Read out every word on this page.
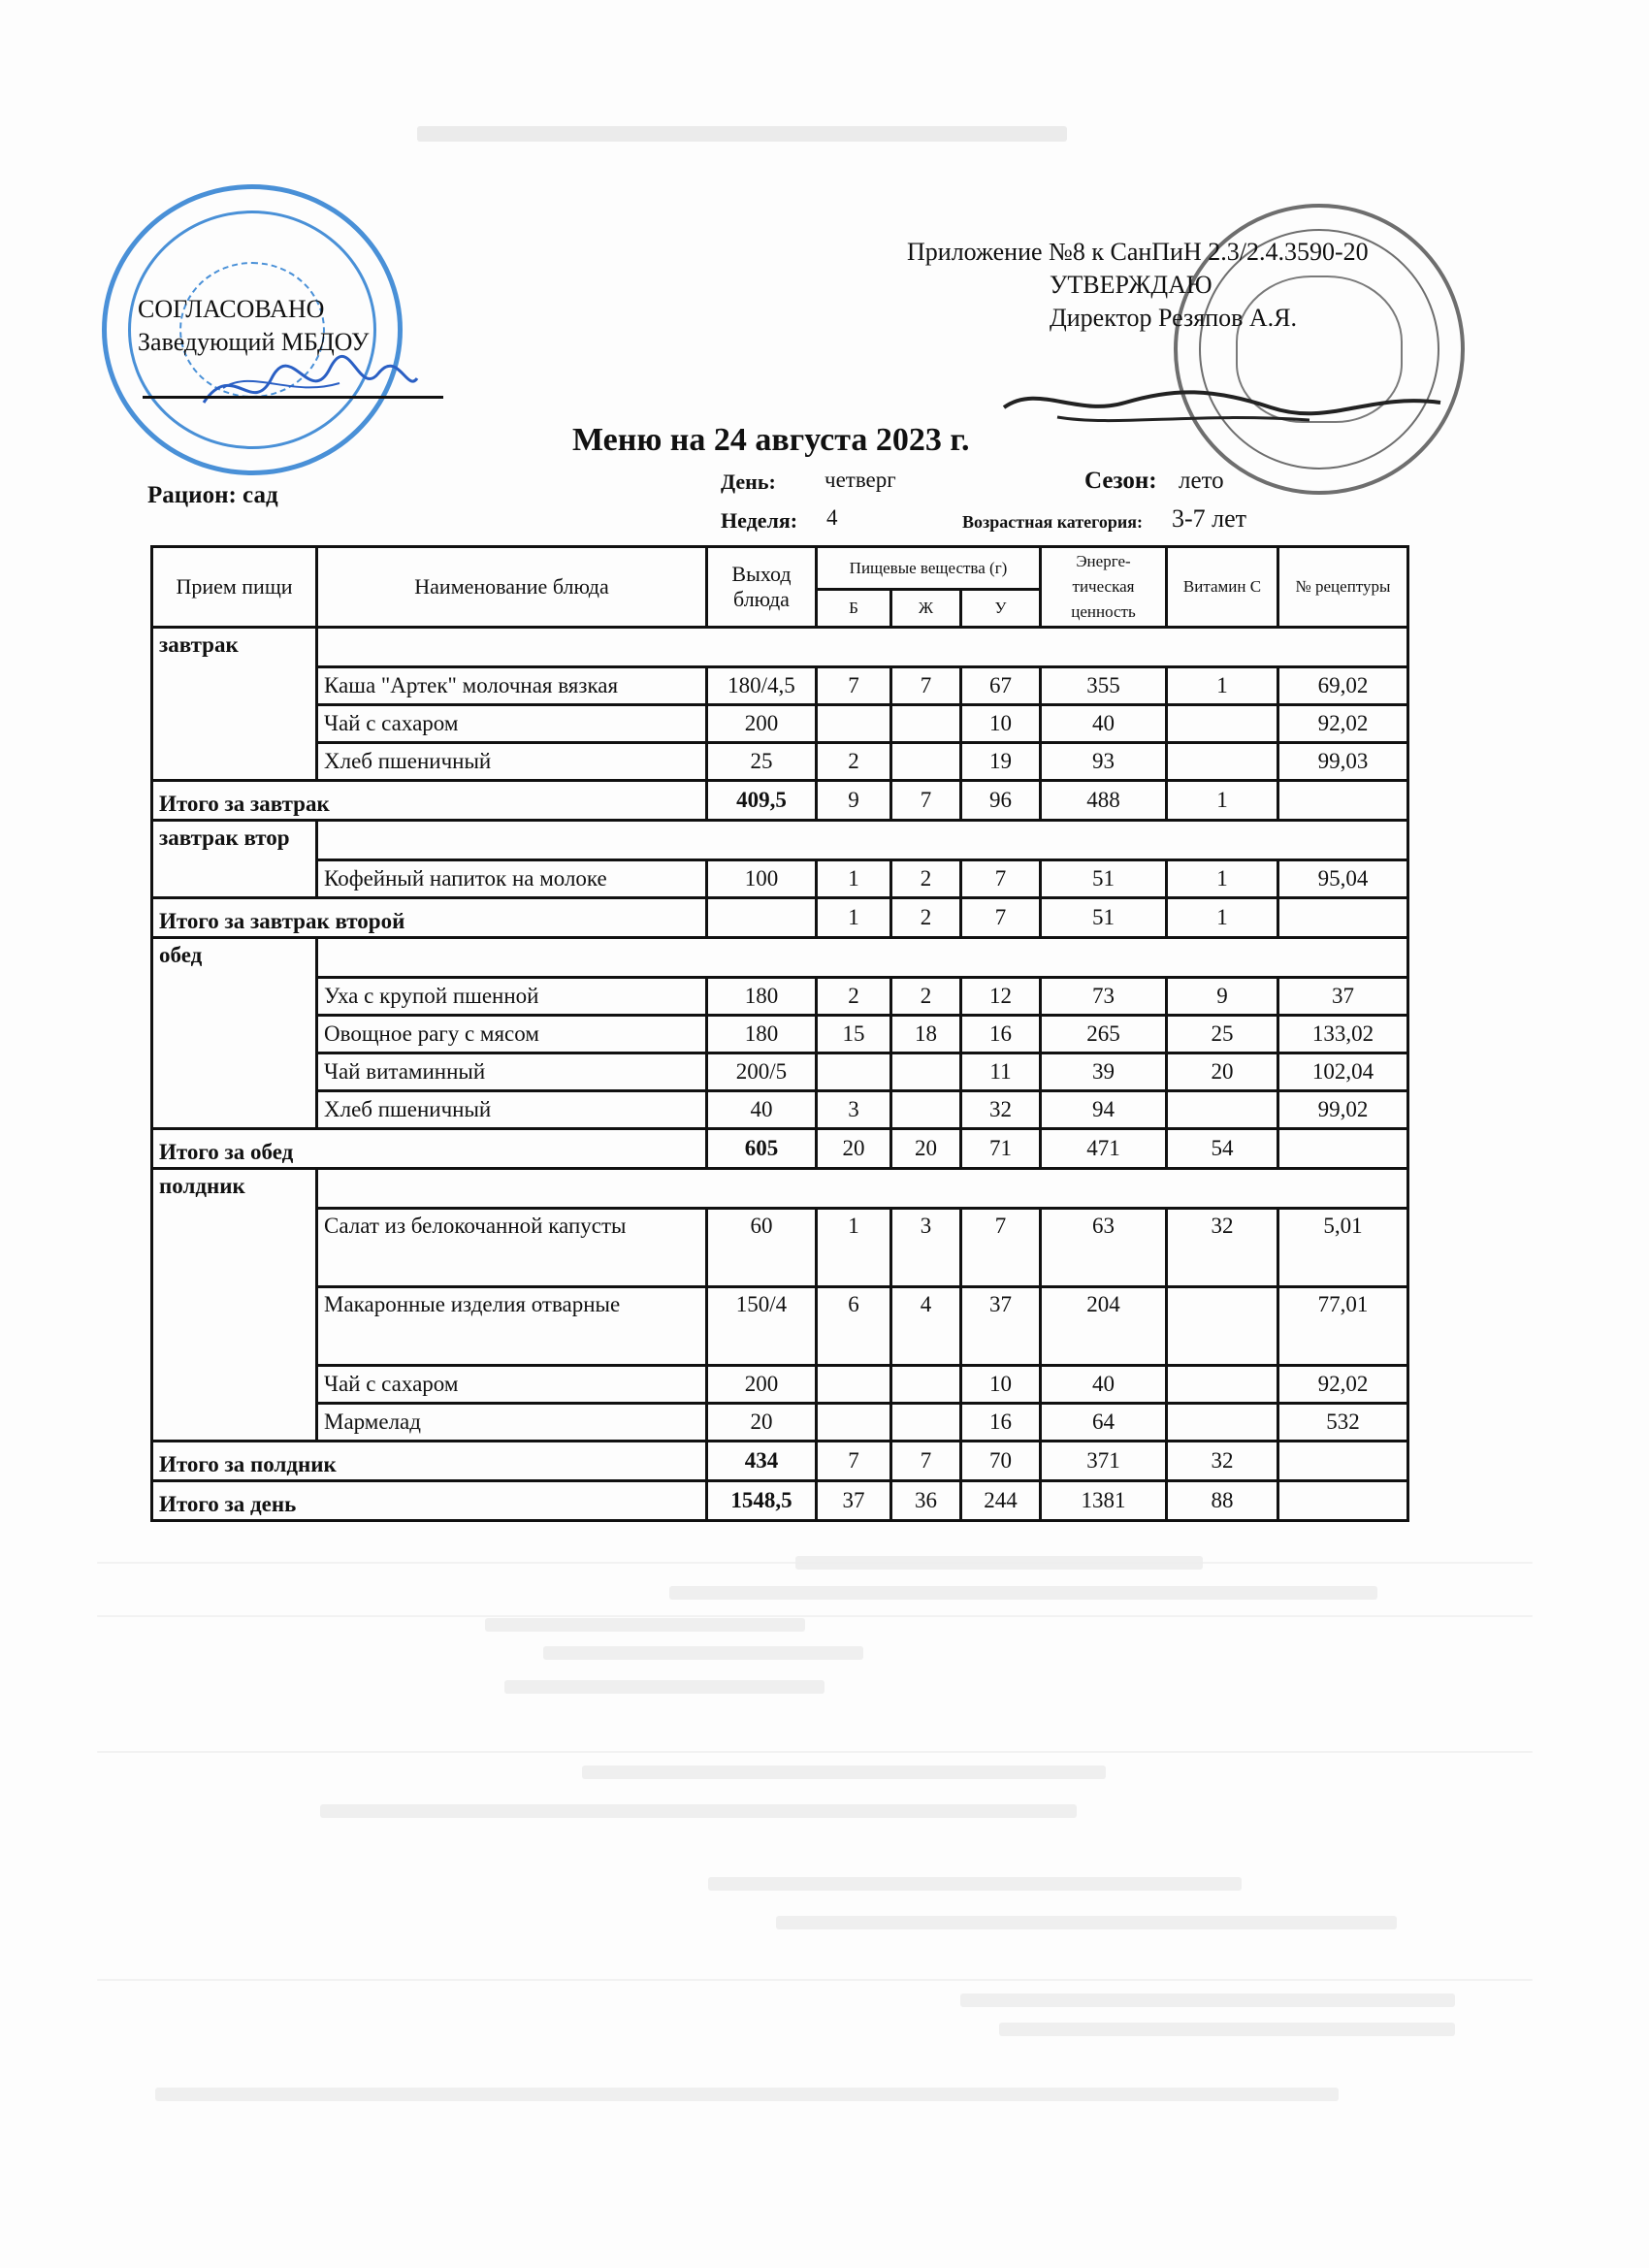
СОГЛАСОВАНО
Заведующий МБДОУ
Приложение №8 к СанПиН 2.3/2.4.3590-20
УТВЕРЖДАЮ
Директор Резяпов А.Я.
Меню на 24 августа 2023 г.
Рацион: сад
День: четверг	Сезон: лето
Неделя: 4	Возрастная категория: 3-7 лет
Прием пищи	Наименование блюда	Выход блюда	Пищевые вещества (г)			Энерге-тическая ценность	Витамин С	№ рецептуры
			Б	Ж	У			
завтрак								
	Каша "Артек" молочная вязкая	180/4,5	7	7	67	355	1	69,02
	Чай с сахаром	200			10	40		92,02
	Хлеб пшеничный	25	2		19	93		99,03
Итого за завтрак		409,5	9	7	96	488	1	
завтрак втор								
	Кофейный напиток на молоке	100	1	2	7	51	1	95,04
Итого за завтрак второй			1	2	7	51	1	
обед								
	Уха с крупой пшенной	180	2	2	12	73	9	37
	Овощное рагу с мясом	180	15	18	16	265	25	133,02
	Чай витаминный	200/5			11	39	20	102,04
	Хлеб пшеничный	40	3		32	94		99,02
Итого за обед		605	20	20	71	471	54	
полдник								
	Салат из белокочанной капусты	60	1	3	7	63	32	5,01
	Макаронные изделия отварные	150/4	6	4	37	204		77,01
	Чай с сахаром	200			10	40		92,02
	Мармелад	20			16	64		532
Итого за полдник		434	7	7	70	371	32	
Итого за день		1548,5	37	36	244	1381	88	
